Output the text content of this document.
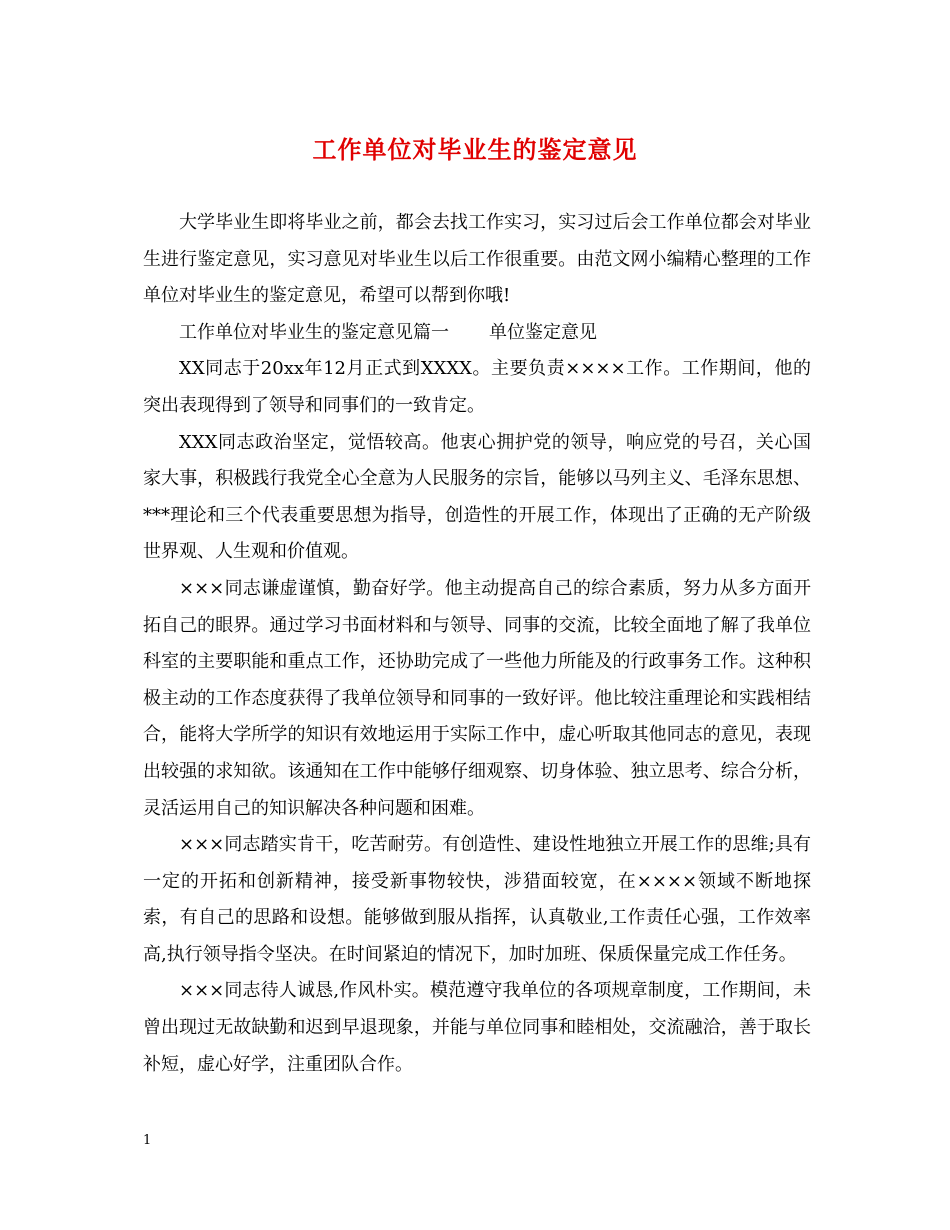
工作单位对毕业生的鉴定意见

大学毕业生即将毕业之前，都会去找工作实习，实习过后会工作单位都会对毕业生进行鉴定意见，实习意见对毕业生以后工作很重要。由范文网小编精心整理的工作单位对毕业生的鉴定意见，希望可以帮到你哦!

工作单位对毕业生的鉴定意见篇一 单位鉴定意见

XX同志于20xx年12月正式到XXXX。主要负责××××工作。工作期间，他的突出表现得到了领导和同事们的一致肯定。

XXX同志政治坚定，觉悟较高。他衷心拥护党的领导，响应党的号召，关心国家大事，积极践行我党全心全意为人民服务的宗旨，能够以马列主义、毛泽东思想、***理论和三个代表重要思想为指导，创造性的开展工作，体现出了正确的无产阶级世界观、人生观和价值观。

×××同志谦虚谨慎，勤奋好学。他主动提高自己的综合素质，努力从多方面开拓自己的眼界。通过学习书面材料和与领导、同事的交流，比较全面地了解了我单位科室的主要职能和重点工作，还协助完成了一些他力所能及的行政事务工作。这种积极主动的工作态度获得了我单位领导和同事的一致好评。他比较注重理论和实践相结合，能将大学所学的知识有效地运用于实际工作中，虚心听取其他同志的意见，表现出较强的求知欲。该通知在工作中能够仔细观察、切身体验、独立思考、综合分析，灵活运用自己的知识解决各种问题和困难。

×××同志踏实肯干，吃苦耐劳。有创造性、建设性地独立开展工作的思维;具有一定的开拓和创新精神，接受新事物较快，涉猎面较宽，在××××领域不断地探索，有自己的思路和设想。能够做到服从指挥，认真敬业,工作责任心强，工作效率高,执行领导指令坚决。在时间紧迫的情况下，加时加班、保质保量完成工作任务。

×××同志待人诚恳,作风朴实。模范遵守我单位的各项规章制度，工作期间，未曾出现过无故缺勤和迟到早退现象，并能与单位同事和睦相处，交流融洽，善于取长补短，虚心好学，注重团队合作。

1
